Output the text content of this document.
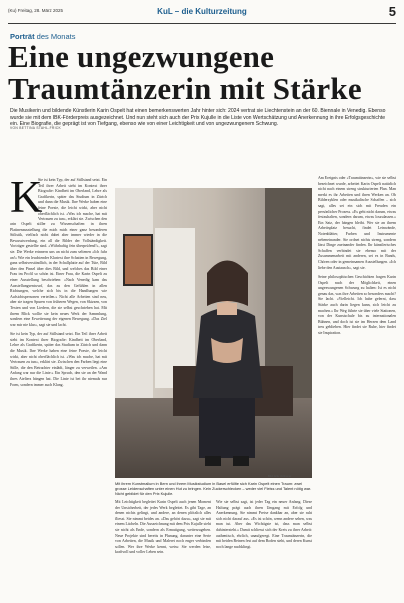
(Ku) Freitag, 28. März 2025	KuL – die Kulturzeitung	5
Porträt des Monats
Eine ungezwungene Traumtänzerin mit Stärke
Die Musikerin und bildende Künstlerin Karin Ospelt hat einen bemerkenswerten Jahr hinter sich: 2024 vertrat sie Liechtenstein an der 60. Biennale in Venedig. Ebenso wurde sie mit dem IBK-Förderpreis ausgezeichnet. Und nun steht sich auch der Prix Kujulle in die Liste von Wertschätzung und Anerkennung in ihre Erfolgsgeschichte ein. Eine Biografie, die geprägt ist von Tiefgang, ebenso wie von einer Leichtigkeit und von ungezwungenem Schwung.
VON BETTINA STAHL-FRICK
K

arin Ospelt stiller zu Wissenschaften: in ihren Platinenausstellung die mich mich einer ganz besonderen Stilistik, vielfach nicht dabei aber immer wieder in die Bewusstwerdung, ein all die Bilder der Vollständigkeit. Vorträger gestellte sind. «Währhaftig fein überprüfend!», sagt sie. Die Werke erinnern uns an nicht zum seltenen «Ich fuhr an!» Wie ein leuchtender Klartext ihre Schatten in Bewegung, ganz selbstverständlich, in der Schallplatte auf der Tüte, Bild über den Pinsel über dies Bild, und welches das Bild einer Frau im Profil so schön ist. Einer Frau, die Karin Ospelt zu einer Ausstellung beschrieben: «Nach Venedig kam das Ausstellungsentwurf, das zu den Gefühlen in allen Richtungen, welche sich bis in die Handlungen wie Aufsichtspersonen verteilen.» Nicht alle Arbeiten sind neu, aber sie tragen Spuren von früheren Wegen, von Skizzen, von Texten und von Liedern, die sie selbst geschrieben hat. Mit ihrem Blick wollte sie kein neues Werk der Sammlung, sondern eine Erweiterung der eigenen Bewegung. «Das Ziel war mir nie klar», sagt sie und lacht.

Sie ist kein Typ, der auf Stillstand setzt. Ein Teil ihrer Arbeit steht im Kontext ihrer Biografie: Kindheit im Oberland, Lehre als Grafikerin, später das Studium in Zürich und dann die Musik. Ihre Werke haben eine feine Poesie, die leicht wirkt, aber nicht oberflächlich ist. «Was ich mache, hat mit Vertrauen zu tun», erklärt sie. Zwischen den Farben liegt eine Stille, die den Betrachter einlädt, länger zu verweilen. «Am Anfang war nur die Linie.» Ein Spruch, den sie an der Wand ihres Ateliers hängen hat. Die Linie ist bei ihr niemals nur Form, sondern immer auch Klang.

Sie ist kein Typ, der auf Stillstand setzt. Ein Teil ihrer Arbeit steht im Kontext ihrer Biografie: Kindheit im Oberland, Lehre als Grafikerin, später das Studium in Zürich und dann die Musik. Ihre Werke haben eine feine Poesie, die leicht wirkt, aber nicht oberflächlich ist. «Was ich mache, hat mit Vertrauen zu tun», erklärt sie. Zwischen den

Bild: Elfe Vollmeier
Mit ihrem Kunstmalium in Bern und ihrem Musikstudium in Basel erfüllte sich Karin Ospelt einen Traum: zwei grosse Leidenschaften unter einen Hut zu bringen. Kein Zuckerschlecken – weder viel Fleiss und Talent nötig war. Nicht gebildet für den Prix Kujulle.

Mit Leichtigkeit begleitet Karin Ospelt auch jenen Moment der Unsicherheit, der jedes Werk begleitet. Es gibt Tage, an denen nichts gelingt, und andere, an denen plötzlich alles fliesst. Sie nimmt beides an. «Das gehört dazu», sagt sie mit einem Lächeln. Die Auszeichnung mit dem Prix Kujulle sieht sie nicht als Ende, sondern als Ermutigung, weiterzugehen. Neue Projekte sind bereits in Planung, darunter eine Serie von Arbeiten, die Musik und Malerei noch enger verbinden sollen. Wer ihre Werke kennt, weiss: Sie werden leise, kraftvoll und voller Leben sein.

Wie sie selbst sagt, ist jeder Tag ein neuer Anfang. Diese Haltung prägt auch ihren Umgang mit Erfolg und Anerkennung. Sie nimmt Preise dankbar an, aber sie ruht sich nicht darauf aus. «Es ist schön, wenn andere sehen, was man tut. Aber das Wichtigste ist, dass man selbst dahintersteht.» Damit schliesst sich der Kreis zu ihrer Arbeit: authentisch, ehrlich, unaufgeregt. Eine Traumtänzerin, die mit beiden Beinen fest auf dem Boden steht, und deren Kunst noch lange nachklingt.

Am Ereignis oder «Traumtänzerin», wie sie selbst bezeichnet wurde, arbeitet Karin Ospelt natürlich nicht nach einem streng strukturierten Plan. Man merkt es ihr Arbeiten und ihren Werken an. Ob Bilderzyklen oder musikalische Schaffen – sich sagt, alles sei ein sich mit Freuden ein persönlicher Prozess. «Es geht nicht darum, etwas festzuhalten, sondern darum, etwas loszulassen.» Ein Satz, der hängen bleibt. Wer sie an ihrem Arbeitsplatz besucht, findet Leinwände, Notenblätter, Farben und Instrumente nebeneinander. Sie ordnet nichts streng, sondern lässt Dinge zueinander finden. Ihr künstlerisches Schaffen verbindet sie ebenso mit der Zusammenarbeit mit anderen, sei es in Bands, Chören oder in gemeinsamen Ausstellungen. «Ich liebe den Austausch», sagt sie.

Seine philosophischen Geschichten fragen Karin Ospelt nach der Möglichkeit, einen ungezwungenen Schwung zu halten: Ist es nicht genau das, was ihre Arbeiten so besonders macht? Sie lacht. «Vielleicht. Ich habe gelernt, dass Stärke auch darin liegen kann, sich leicht zu machen.» Ihr Weg führte sie über viele Stationen, von der Kunstschule bis zu internationalen Bühnen, und doch ist sie im Herzen dem Land treu geblieben. Hier findet sie Ruhe, hier findet sie Inspiration.
